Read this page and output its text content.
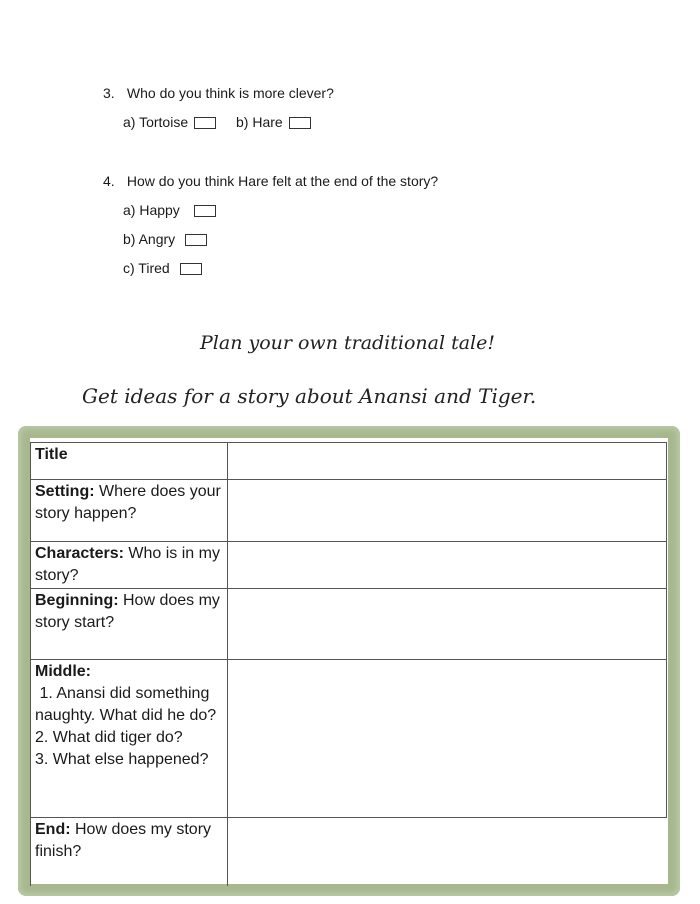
3. Who do you think is more clever?
a) Tortoise	b) Hare
4. How do you think Hare felt at the end of the story?
a) Happy
b) Angry
c) Tired
Plan your own traditional tale!
Get ideas for a story about Anansi and Tiger.
Title	
Setting: Where does your story happen?	
Characters: Who is in my story?	
Beginning: How does my story start?	

Middle:
1. Anansi did something naughty. What did he do?
2. What did tiger do?
3. What else happened?	

End: How does my story finish?	
